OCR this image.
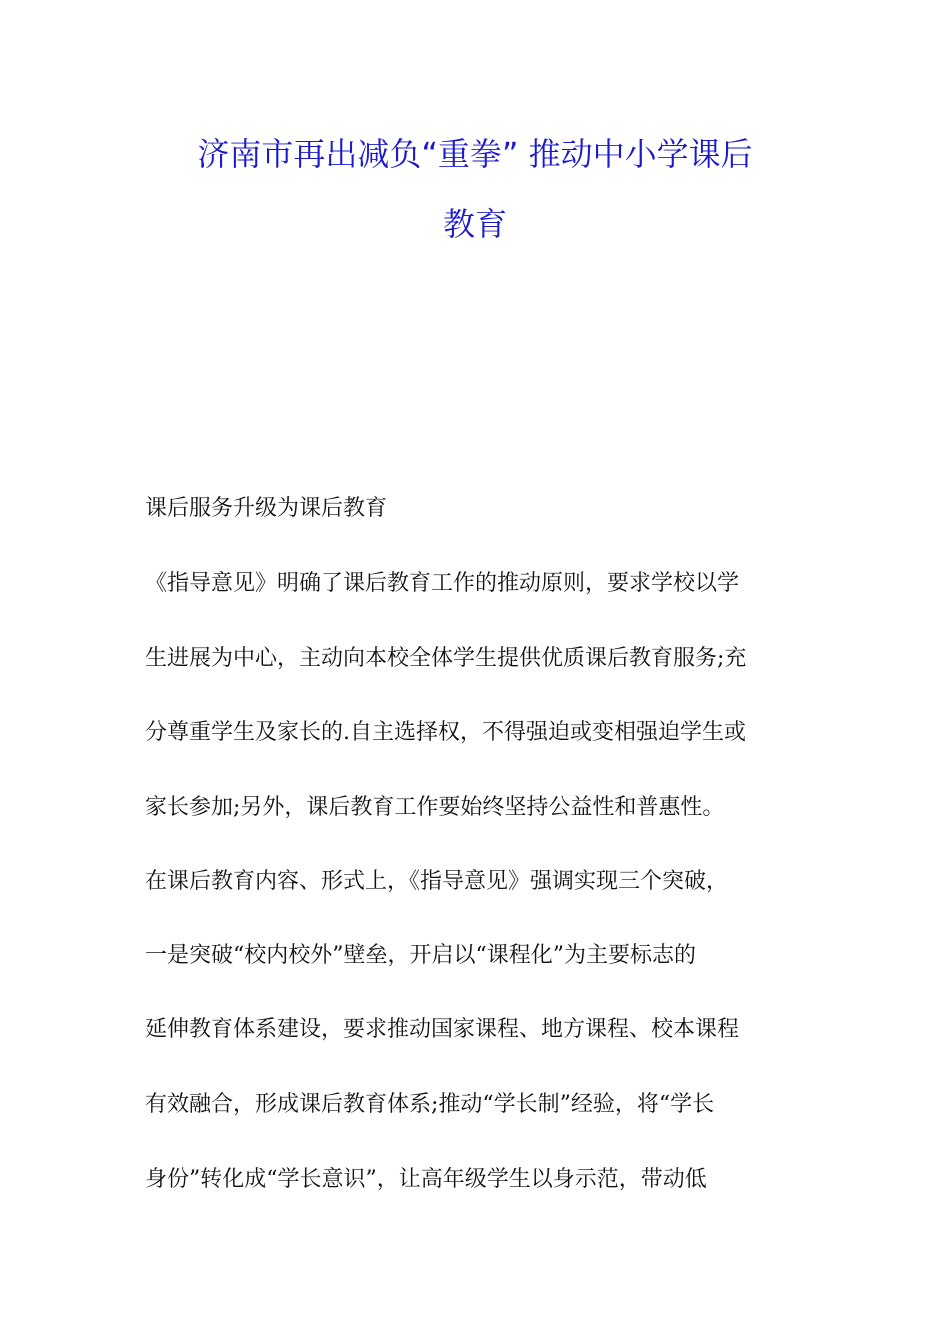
济南市再出减负“重拳” 推动中小学课后
教育

课后服务升级为课后教育

《指导意见》明确了课后教育工作的推动原则，要求学校以学

生进展为中心，主动向本校全体学生提供优质课后教育服务;充

分尊重学生及家长的.自主选择权，不得强迫或变相强迫学生或

家长参加;另外，课后教育工作要始终坚持公益性和普惠性。

在课后教育内容、形式上，《指导意见》强调实现三个突破，

一是突破“校内校外”壁垒，开启以“课程化”为主要标志的

延伸教育体系建设，要求推动国家课程、地方课程、校本课程

有效融合，形成课后教育体系;推动“学长制”经验，将“学长

身份”转化成“学长意识”，让高年级学生以身示范，带动低
